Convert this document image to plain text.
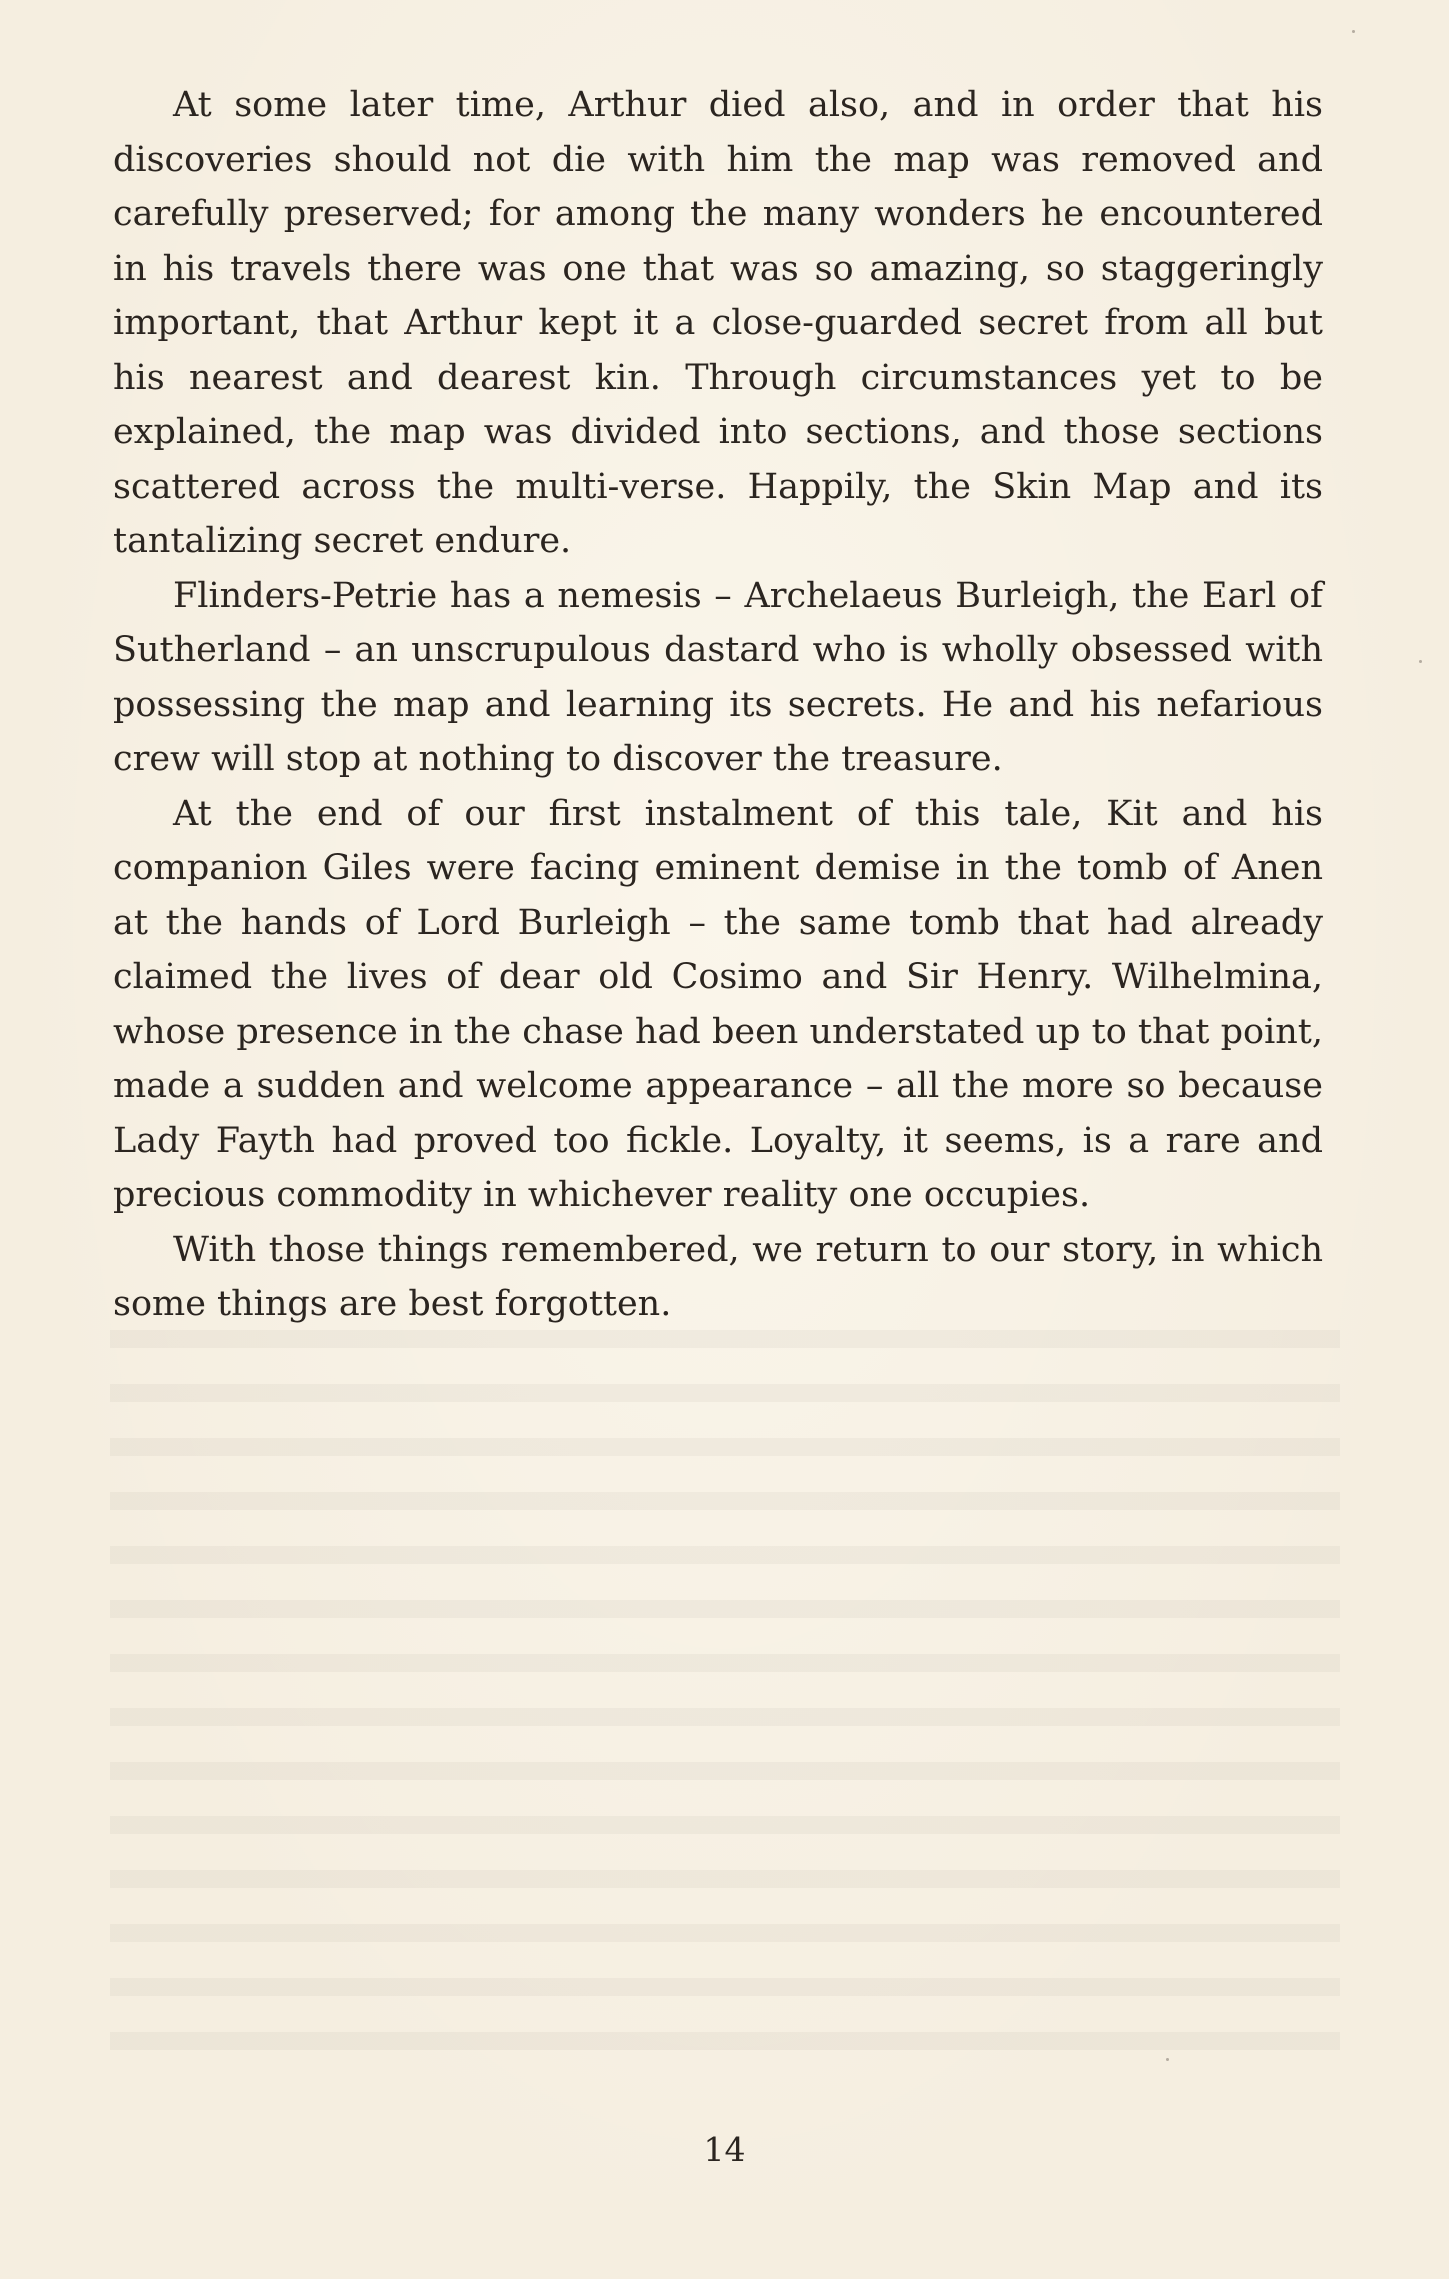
At some later time, Arthur died also, and in order that his discoveries should not die with him the map was removed and carefully preserved; for among the many wonders he encountered in his travels there was one that was so amazing, so staggeringly important, that Arthur kept it a close-guarded secret from all but his nearest and dearest kin. Through circumstances yet to be explained, the map was divided into sections, and those sections scattered across the multi-verse. Happily, the Skin Map and its tantalizing secret endure.

Flinders-Petrie has a nemesis – Archelaeus Burleigh, the Earl of Sutherland – an unscrupulous dastard who is wholly obsessed with possessing the map and learning its secrets. He and his nefarious crew will stop at nothing to discover the treasure.

At the end of our first instalment of this tale, Kit and his companion Giles were facing eminent demise in the tomb of Anen at the hands of Lord Burleigh – the same tomb that had already claimed the lives of dear old Cosimo and Sir Henry. Wilhelmina, whose presence in the chase had been understated up to that point, made a sudden and welcome appearance – all the more so because Lady Fayth had proved too fickle. Loyalty, it seems, is a rare and precious commodity in whichever reality one occupies.

With those things remembered, we return to our story, in which some things are best forgotten.

14
